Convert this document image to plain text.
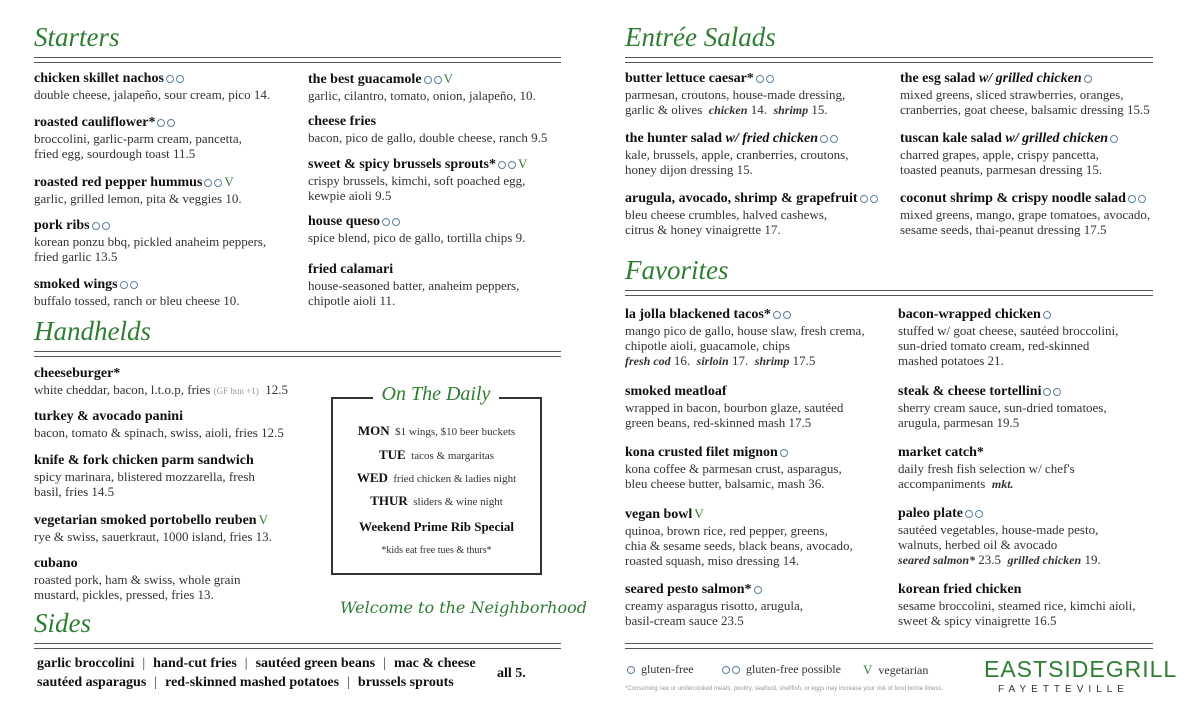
Starters
chicken skillet nachos
double cheese, jalapeño, sour cream, pico 14.
roasted cauliflower*
broccolini, garlic-parm cream, pancetta,
fried egg, sourdough toast 11.5
roasted red pepper hummus V
garlic, grilled lemon, pita & veggies 10.
pork ribs
korean ponzu bbq, pickled anaheim peppers,
fried garlic 13.5
smoked wings
buffalo tossed, ranch or bleu cheese 10.
the best guacamole V
garlic, cilantro, tomato, onion, jalapeño, 10.
cheese fries
bacon, pico de gallo, double cheese, ranch 9.5
sweet & spicy brussels sprouts* V
crispy brussels, kimchi, soft poached egg,
kewpie aioli 9.5
house queso
spice blend, pico de gallo, tortilla chips 9.
fried calamari
house-seasoned batter, anaheim peppers,
chipotle aioli 11.
Handhelds
cheeseburger*
white cheddar, bacon, l.t.o.p, fries (GF bun +1) 12.5
turkey & avocado panini
bacon, tomato & spinach, swiss, aioli, fries 12.5
knife & fork chicken parm sandwich
spicy marinara, blistered mozzarella, fresh
basil, fries 14.5
vegetarian smoked portobello reuben V
rye & swiss, sauerkraut, 1000 island, fries 13.
cubano
roasted pork, ham & swiss, whole grain
mustard, pickles, pressed, fries 13.
MON $1 wings, $10 beer buckets
TUE tacos & margaritas
WED fried chicken & ladies night
THUR sliders & wine night
Weekend Prime Rib Special
*kids eat free tues & thurs*
On The Daily
Welcome to the Neighborhood
Sides
garlic broccolini | hand-cut fries | sautéed green beans | mac & cheese
sautéed asparagus | red-skinned mashed potatoes | brussels sprouts
all 5.
Entrée Salads
butter lettuce caesar*
parmesan, croutons, house-made dressing,
garlic & olives chicken 14. shrimp 15.
the hunter salad w/ fried chicken
kale, brussels, apple, cranberries, croutons,
honey dijon dressing 15.
arugula, avocado, shrimp & grapefruit
bleu cheese crumbles, halved cashews,
citrus & honey vinaigrette 17.
the esg salad w/ grilled chicken
mixed greens, sliced strawberries, oranges,
cranberries, goat cheese, balsamic dressing 15.5
tuscan kale salad w/ grilled chicken
charred grapes, apple, crispy pancetta,
toasted peanuts, parmesan dressing 15.
coconut shrimp & crispy noodle salad
mixed greens, mango, grape tomatoes, avocado,
sesame seeds, thai-peanut dressing 17.5
Favorites
la jolla blackened tacos*
mango pico de gallo, house slaw, fresh crema,
chipotle aioli, guacamole, chips
fresh cod 16. sirloin 17. shrimp 17.5
smoked meatloaf
wrapped in bacon, bourbon glaze, sautéed
green beans, red-skinned mash 17.5
kona crusted filet mignon
kona coffee & parmesan crust, asparagus,
bleu cheese butter, balsamic, mash 36.
vegan bowl V
quinoa, brown rice, red pepper, greens,
chia & sesame seeds, black beans, avocado,
roasted squash, miso dressing 14.
seared pesto salmon*
creamy asparagus risotto, arugula,
basil-cream sauce 23.5
bacon-wrapped chicken
stuffed w/ goat cheese, sautéed broccolini,
sun-dried tomato cream, red-skinned
mashed potatoes 21.
steak & cheese tortellini
sherry cream sauce, sun-dried tomatoes,
arugula, parmesan 19.5
market catch*
daily fresh fish selection w/ chef's
accompaniments mkt.
paleo plate
sautéed vegetables, house-made pesto,
walnuts, herbed oil & avocado
seared salmon* 23.5 grilled chicken 19.
korean fried chicken
sesame broccolini, steamed rice, kimchi aioli,
sweet & spicy vinaigrette 16.5
gluten-free	gluten-free possible V vegetarian
*Consuming raw or undercooked meats, poultry, seafood, shellfish, or eggs may increase your risk of food borne illness.
EASTSIDEGRILL
FAYETTEVILLE
